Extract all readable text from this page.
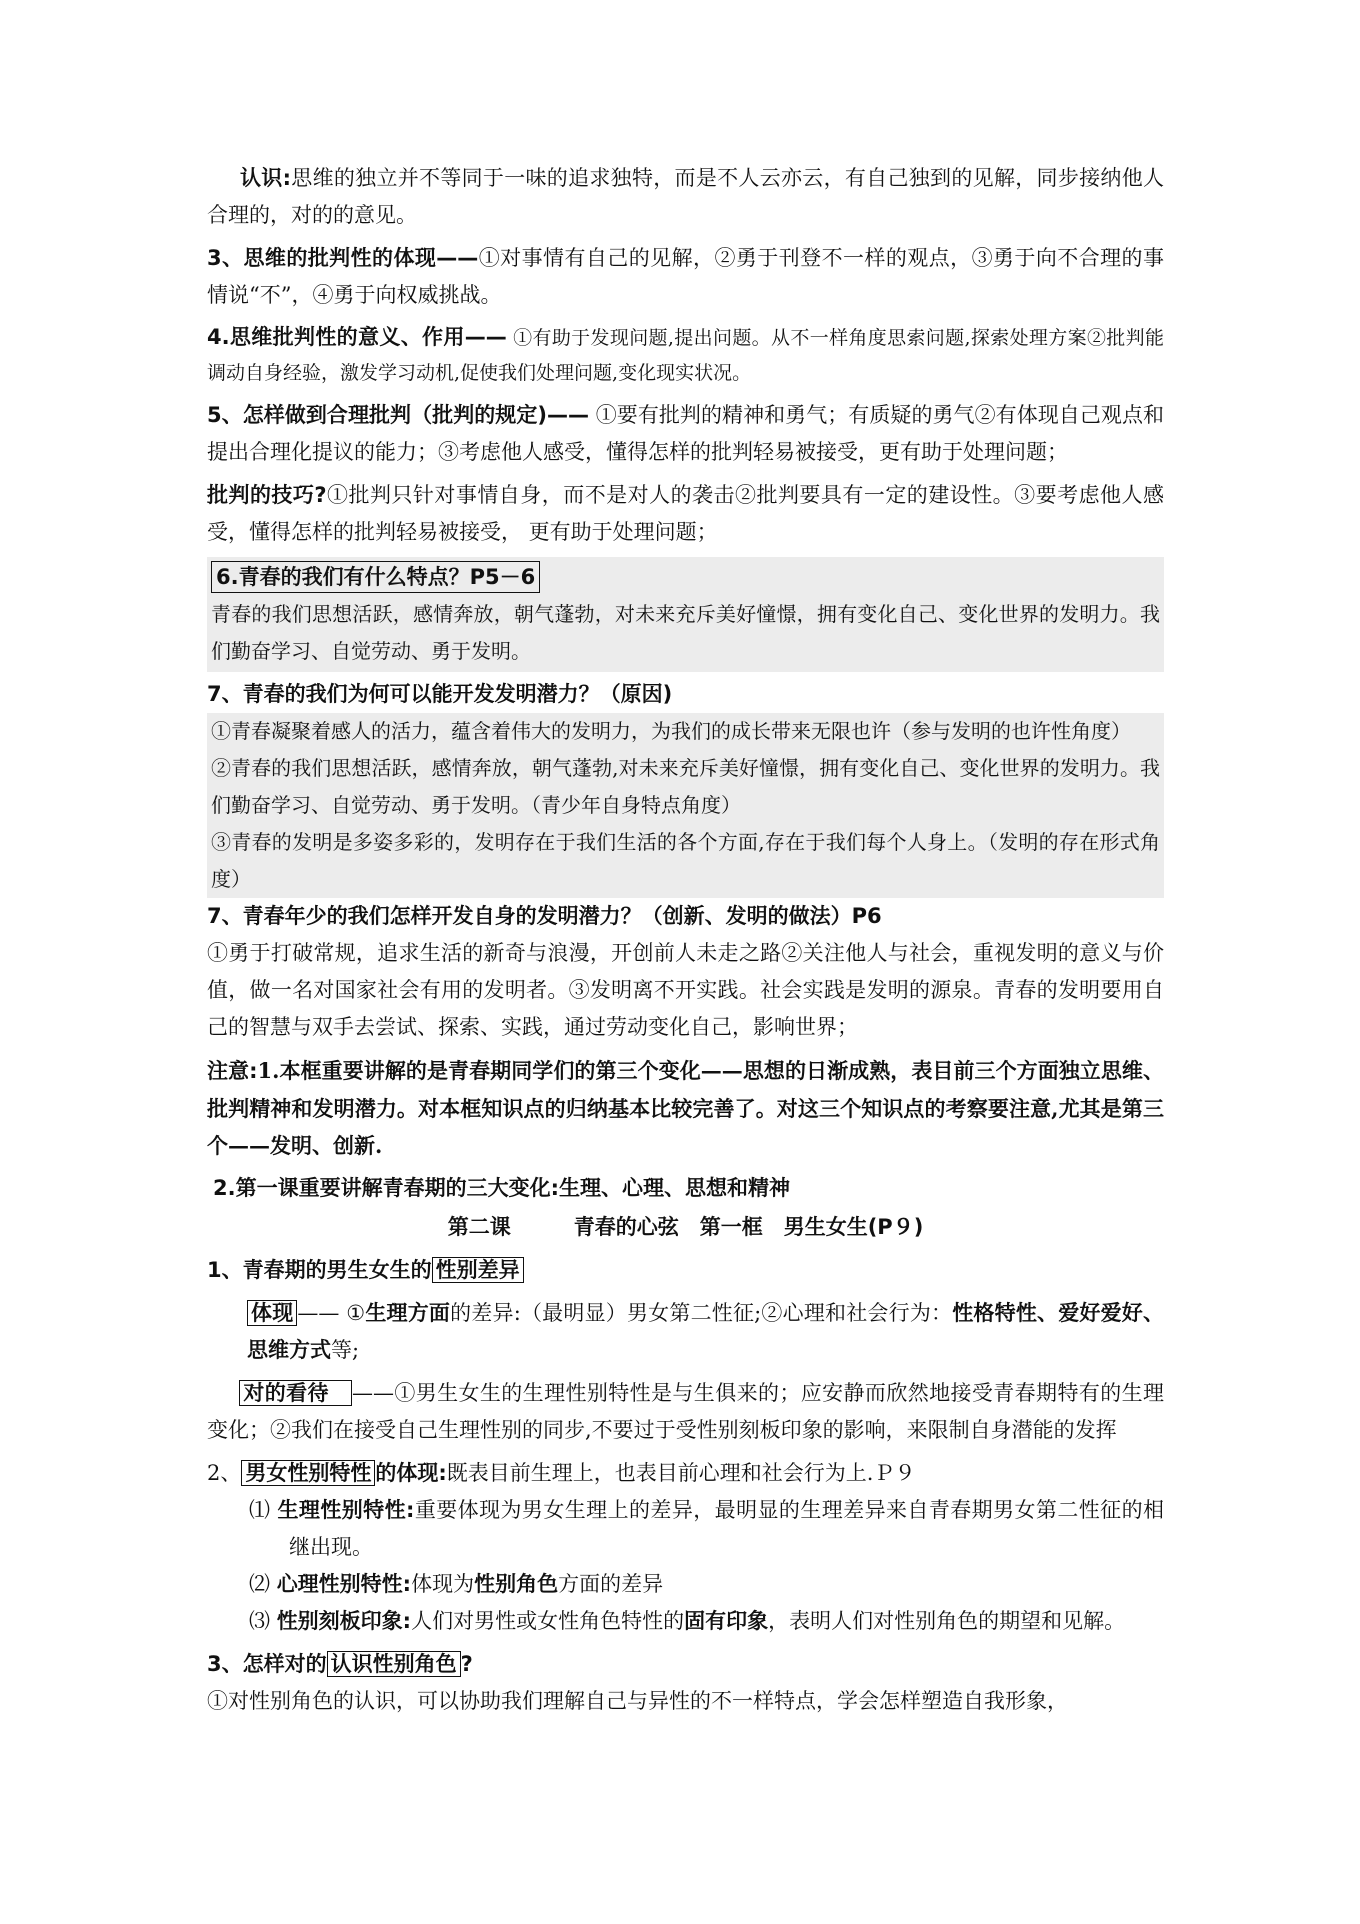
认识:思维的独立并不等同于一味的追求独特，而是不人云亦云，有自己独到的见解，同步接纳他人合理的，对的的意见。

3、思维的批判性的体现——①对事情有自己的见解，②勇于刊登不一样的观点，③勇于向不合理的事情说“不”，④勇于向权威挑战。

4.思维批判性的意义、作用—— ①有助于发现问题,提出问题。从不一样角度思索问题,探索处理方案②批判能调动自身经验，激发学习动机,促使我们处理问题,变化现实状况。

5、怎样做到合理批判（批判的规定)—— ①要有批判的精神和勇气；有质疑的勇气②有体现自己观点和提出合理化提议的能力；③考虑他人感受，懂得怎样的批判轻易被接受，更有助于处理问题；

批判的技巧?①批判只针对事情自身，而不是对人的袭击②批判要具有一定的建设性。③要考虑他人感受，懂得怎样的批判轻易被接受， 更有助于处理问题；

6.青春的我们有什么特点？P5－6

青春的我们思想活跃，感情奔放，朝气蓬勃，对未来充斥美好憧憬，拥有变化自己、变化世界的发明力。我们勤奋学习、自觉劳动、勇于发明。

7、青春的我们为何可以能开发发明潜力？（原因)

①青春凝聚着感人的活力，蕴含着伟大的发明力，为我们的成长带来无限也许（参与发明的也许性角度）

②青春的我们思想活跃，感情奔放，朝气蓬勃,对未来充斥美好憧憬，拥有变化自己、变化世界的发明力。我们勤奋学习、自觉劳动、勇于发明。（青少年自身特点角度）

③青春的发明是多姿多彩的，发明存在于我们生活的各个方面,存在于我们每个人身上。（发明的存在形式角度）

7、青春年少的我们怎样开发自身的发明潜力？（创新、发明的做法）P6

①勇于打破常规，追求生活的新奇与浪漫，开创前人未走之路②关注他人与社会，重视发明的意义与价值，做一名对国家社会有用的发明者。③发明离不开实践。社会实践是发明的源泉。青春的发明要用自己的智慧与双手去尝试、探索、实践，通过劳动变化自己，影响世界；

注意:1.本框重要讲解的是青春期同学们的第三个变化——思想的日渐成熟，表目前三个方面独立思维、批判精神和发明潜力。对本框知识点的归纳基本比较完善了。对这三个知识点的考察要注意,尤其是第三个——发明、创新.

2.第一课重要讲解青春期的三大变化:生理、心理、思想和精神

第二课　　　青春的心弦　第一框　男生女生(P９)

1、青春期的男生女生的 性别差异

体现 —— ①生理方面的差异:（最明显）男女第二性征;②心理和社会行为：性格特性、爱好爱好、思维方式等;

对的看待 ——①男生女生的生理性别特性是与生俱来的；应安静而欣然地接受青春期特有的生理变化；②我们在接受自己生理性别的同步,不要过于受性别刻板印象的影响，来限制自身潜能的发挥

2、 男女性别特性 的体现:既表目前生理上，也表目前心理和社会行为上.Ｐ９

⑴ 生理性别特性:重要体现为男女生理上的差异，最明显的生理差异来自青春期男女第二性征的相继出现。

⑵ 心理性别特性:体现为性别角色方面的差异

⑶ 性别刻板印象:人们对男性或女性角色特性的固有印象，表明人们对性别角色的期望和见解。

3、怎样对的 认识性别角色 ?

①对性别角色的认识，可以协助我们理解自己与异性的不一样特点，学会怎样塑造自我形象，
